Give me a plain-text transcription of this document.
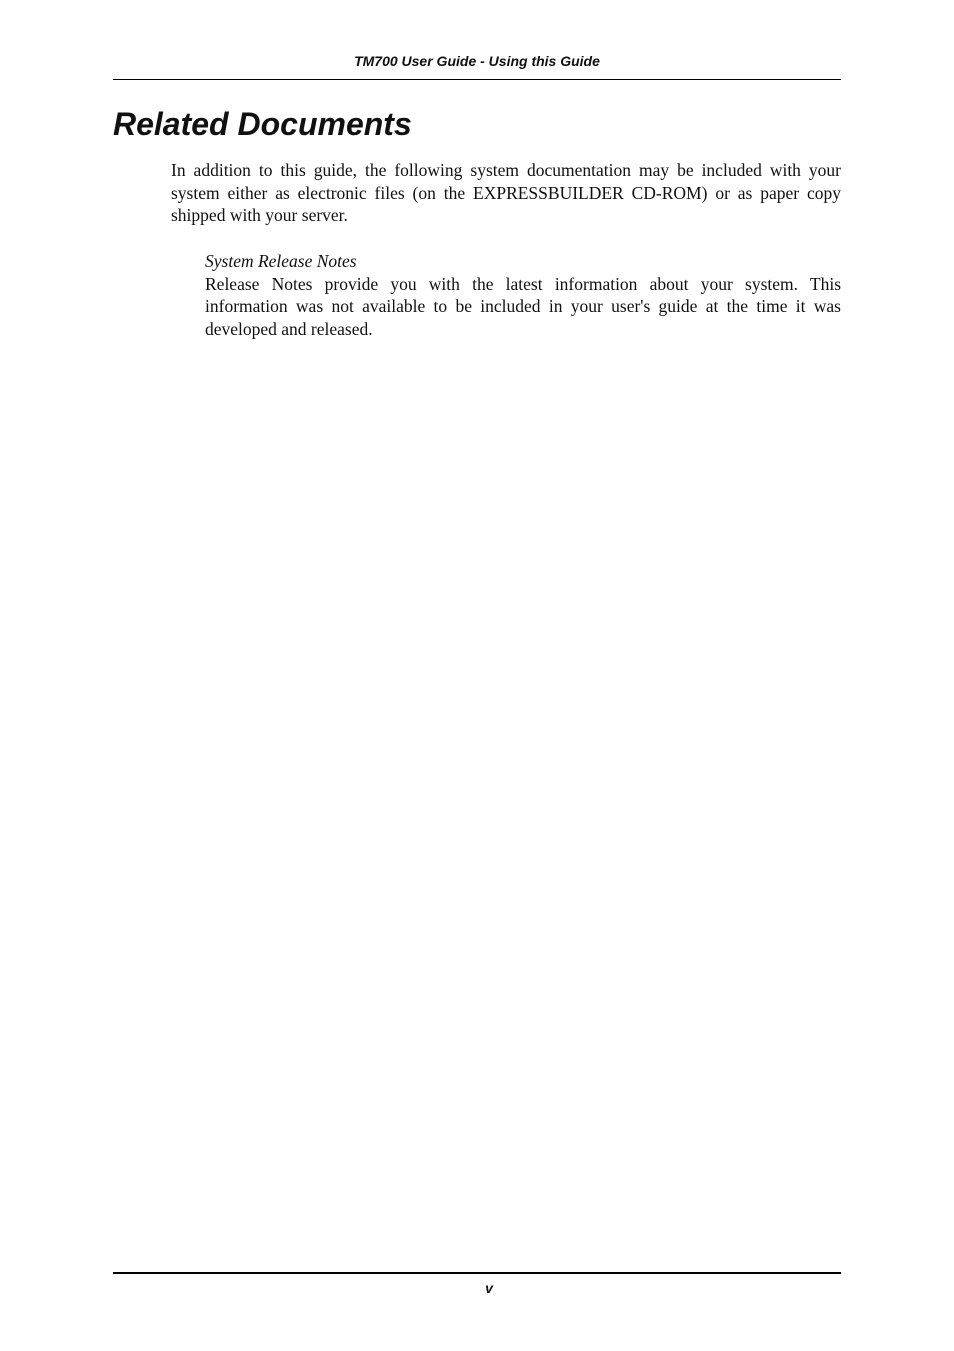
TM700 User Guide - Using this Guide
Related Documents

In addition to this guide, the following system documentation may be included with your system either as electronic files (on the EXPRESSBUILDER CD-ROM) or as paper copy shipped with your server.

System Release Notes

Release Notes provide you with the latest information about your system. This information was not available to be included in your user's guide at the time it was developed and released.

v
